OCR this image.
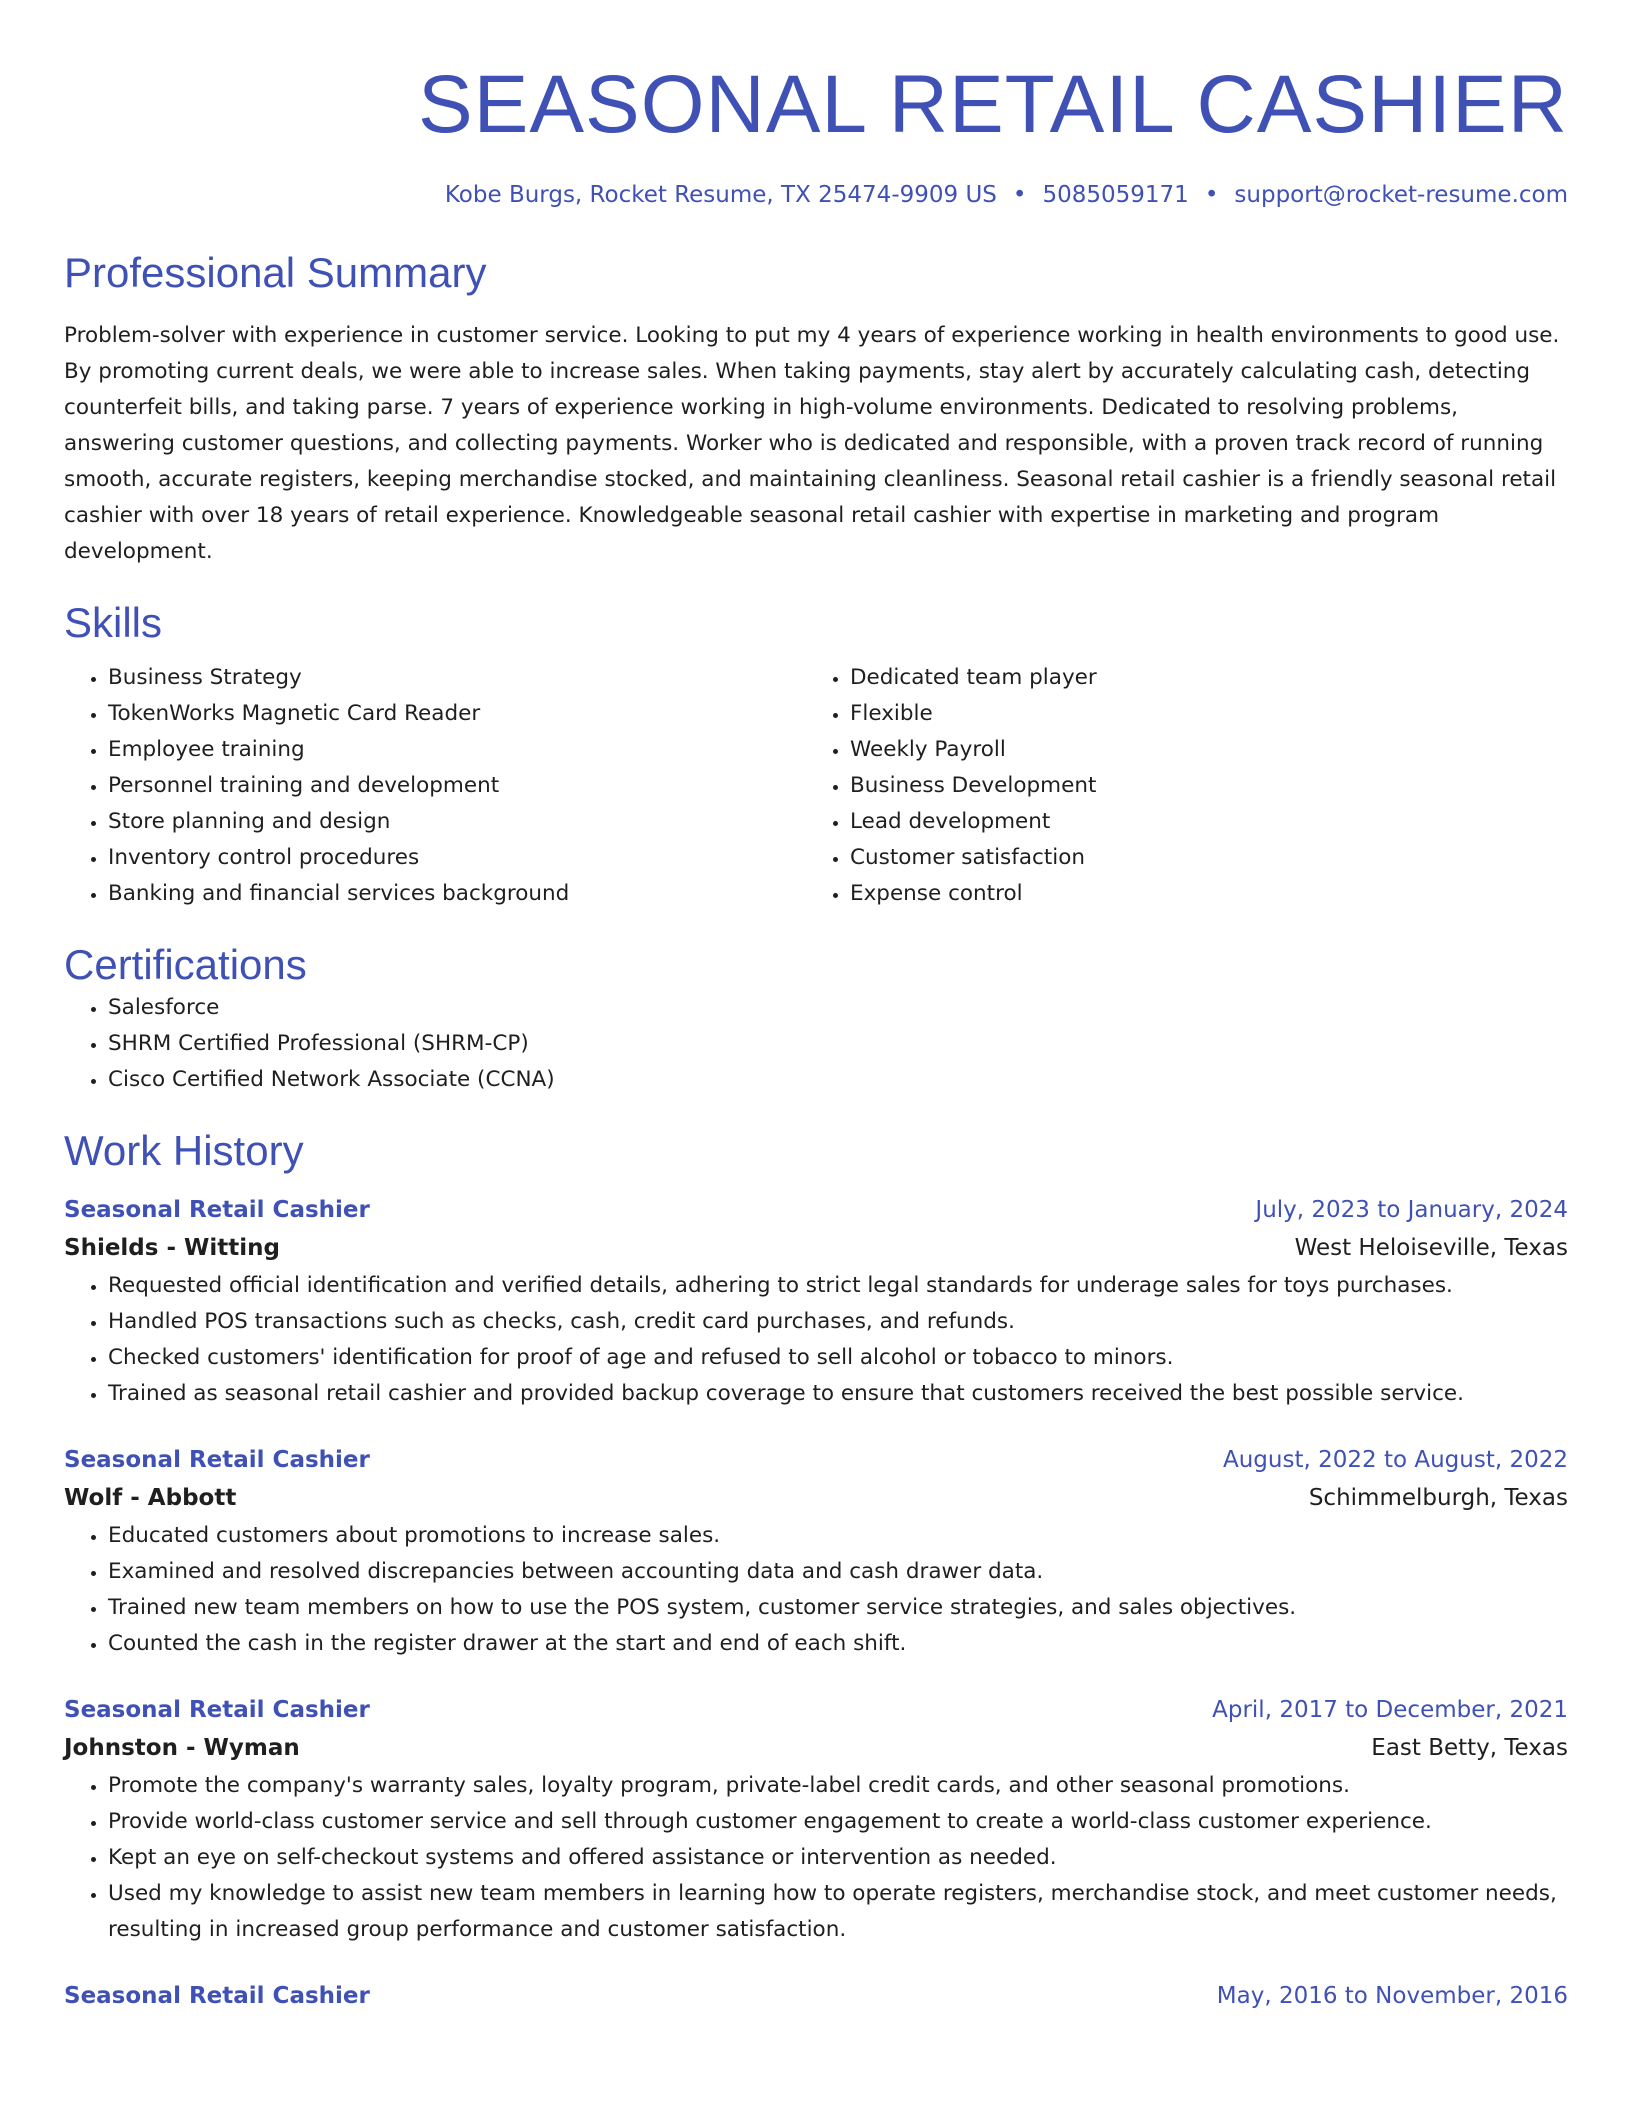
SEASONAL RETAIL CASHIER
Kobe Burgs, Rocket Resume, TX 25474-9909 US • 5085059171 • support@rocket-resume.com
Professional Summary

Problem-solver with experience in customer service. Looking to put my 4 years of experience working in health environments to good use. By promoting current deals, we were able to increase sales. When taking payments, stay alert by accurately calculating cash, detecting counterfeit bills, and taking parse. 7 years of experience working in high-volume environments. Dedicated to resolving problems, answering customer questions, and collecting payments. Worker who is dedicated and responsible, with a proven track record of running smooth, accurate registers, keeping merchandise stocked, and maintaining cleanliness. Seasonal retail cashier is a friendly seasonal retail cashier with over 18 years of retail experience. Knowledgeable seasonal retail cashier with expertise in marketing and program development.

Skills
• Business Strategy
• TokenWorks Magnetic Card Reader
• Employee training
• Personnel training and development
• Store planning and design
• Inventory control procedures
• Banking and financial services background
• Dedicated team player
• Flexible
• Weekly Payroll
• Business Development
• Lead development
• Customer satisfaction
• Expense control
Certifications
• Salesforce
• SHRM Certified Professional (SHRM-CP)
• Cisco Certified Network Associate (CCNA)
Work History
Seasonal Retail Cashier	July, 2023 to January, 2024
Shields - Witting	West Heloiseville, Texas
• Requested official identification and verified details, adhering to strict legal standards for underage sales for toys purchases.
• Handled POS transactions such as checks, cash, credit card purchases, and refunds.
• Checked customers' identification for proof of age and refused to sell alcohol or tobacco to minors.
• Trained as seasonal retail cashier and provided backup coverage to ensure that customers received the best possible service.
Seasonal Retail Cashier	August, 2022 to August, 2022
Wolf - Abbott	Schimmelburgh, Texas
• Educated customers about promotions to increase sales.
• Examined and resolved discrepancies between accounting data and cash drawer data.
• Trained new team members on how to use the POS system, customer service strategies, and sales objectives.
• Counted the cash in the register drawer at the start and end of each shift.
Seasonal Retail Cashier	April, 2017 to December, 2021
Johnston - Wyman	East Betty, Texas
• Promote the company's warranty sales, loyalty program, private-label credit cards, and other seasonal promotions.
• Provide world-class customer service and sell through customer engagement to create a world-class customer experience.
• Kept an eye on self-checkout systems and offered assistance or intervention as needed.
• Used my knowledge to assist new team members in learning how to operate registers, merchandise stock, and meet customer needs, resulting in increased group performance and customer satisfaction.
Seasonal Retail Cashier	May, 2016 to November, 2016
